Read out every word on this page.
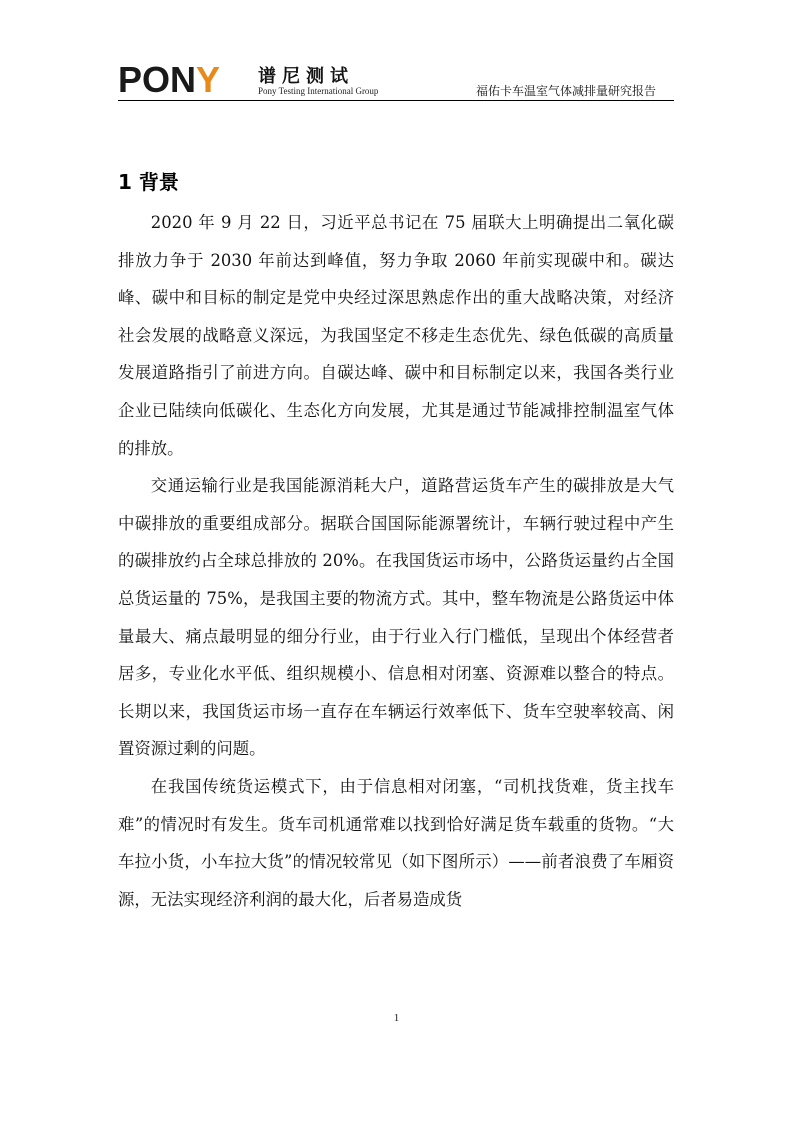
PONY 谱尼测试
Pony Testing International Group	福佑卡车温室气体减排量研究报告
1 背景

2020 年 9 月 22 日，习近平总书记在 75 届联大上明确提出二氧化碳排放力争于 2030 年前达到峰值，努力争取 2060 年前实现碳中和。碳达峰、碳中和目标的制定是党中央经过深思熟虑作出的重大战略决策，对经济社会发展的战略意义深远，为我国坚定不移走生态优先、绿色低碳的高质量发展道路指引了前进方向。自碳达峰、碳中和目标制定以来，我国各类行业企业已陆续向低碳化、生态化方向发展，尤其是通过节能减排控制温室气体的排放。

交通运输行业是我国能源消耗大户，道路营运货车产生的碳排放是大气中碳排放的重要组成部分。据联合国国际能源署统计，车辆行驶过程中产生的碳排放约占全球总排放的 20%。在我国货运市场中，公路货运量约占全国总货运量的 75%，是我国主要的物流方式。其中，整车物流是公路货运中体量最大、痛点最明显的细分行业，由于行业入行门槛低，呈现出个体经营者居多，专业化水平低、组织规模小、信息相对闭塞、资源难以整合的特点。长期以来，我国货运市场一直存在车辆运行效率低下、货车空驶率较高、闲置资源过剩的问题。

在我国传统货运模式下，由于信息相对闭塞，“司机找货难，货主找车难”的情况时有发生。货车司机通常难以找到恰好满足货车载重的货物。“大车拉小货，小车拉大货”的情况较常见（如下图所示）——前者浪费了车厢资源，无法实现经济利润的最大化，后者易造成货

1
